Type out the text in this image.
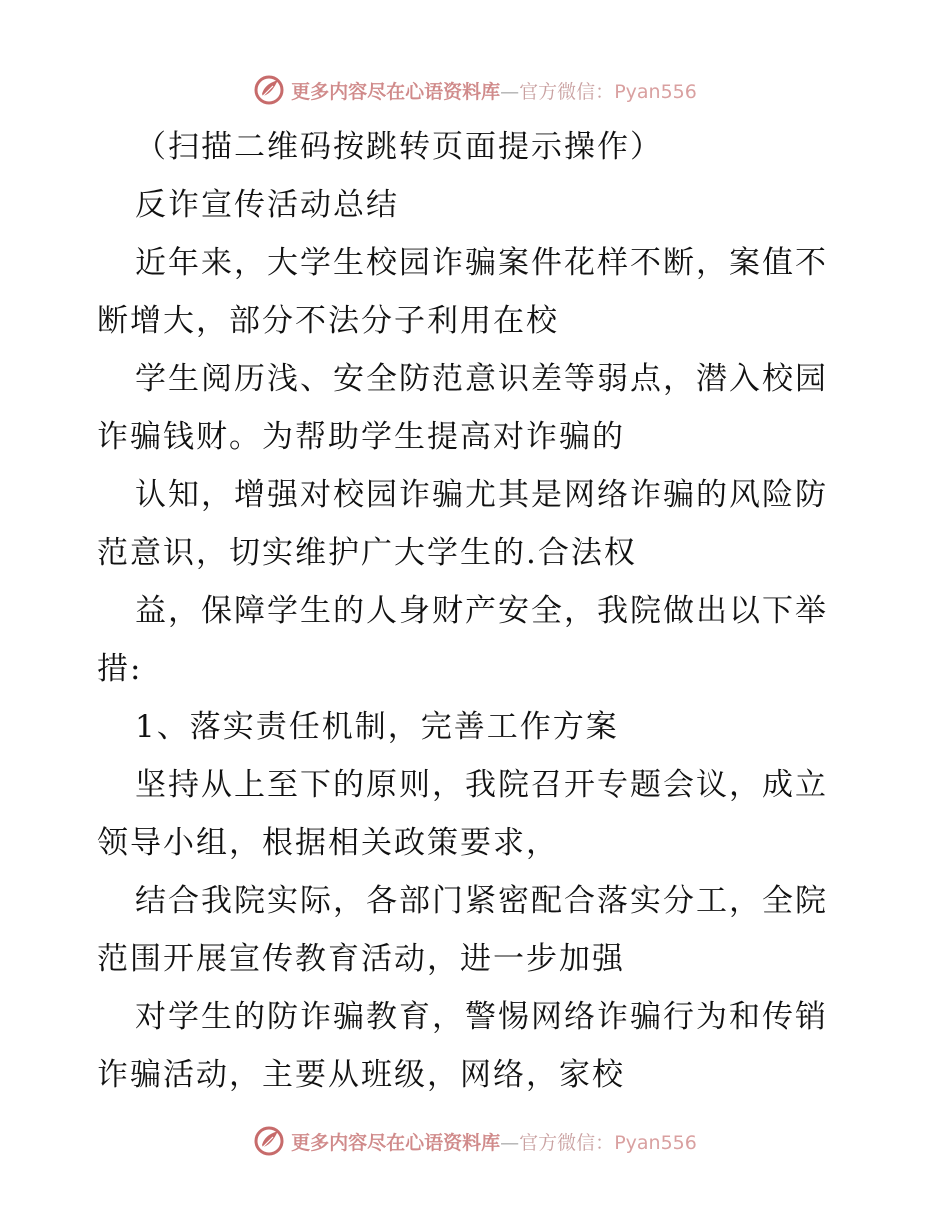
更多内容尽在心语资料库—官方微信：Pyan556
（扫描二维码按跳转页面提示操作）
反诈宣传活动总结
近年来，大学生校园诈骗案件花样不断，案值不
断增大，部分不法分子利用在校
学生阅历浅、安全防范意识差等弱点，潜入校园
诈骗钱财。为帮助学生提高对诈骗的
认知，增强对校园诈骗尤其是网络诈骗的风险防
范意识，切实维护广大学生的.合法权
益，保障学生的人身财产安全，我院做出以下举
措:
1、落实责任机制，完善工作方案
坚持从上至下的原则，我院召开专题会议，成立
领导小组，根据相关政策要求，
结合我院实际，各部门紧密配合落实分工，全院
范围开展宣传教育活动，进一步加强
对学生的防诈骗教育，警惕网络诈骗行为和传销
诈骗活动，主要从班级，网络，家校
更多内容尽在心语资料库—官方微信：Pyan556
